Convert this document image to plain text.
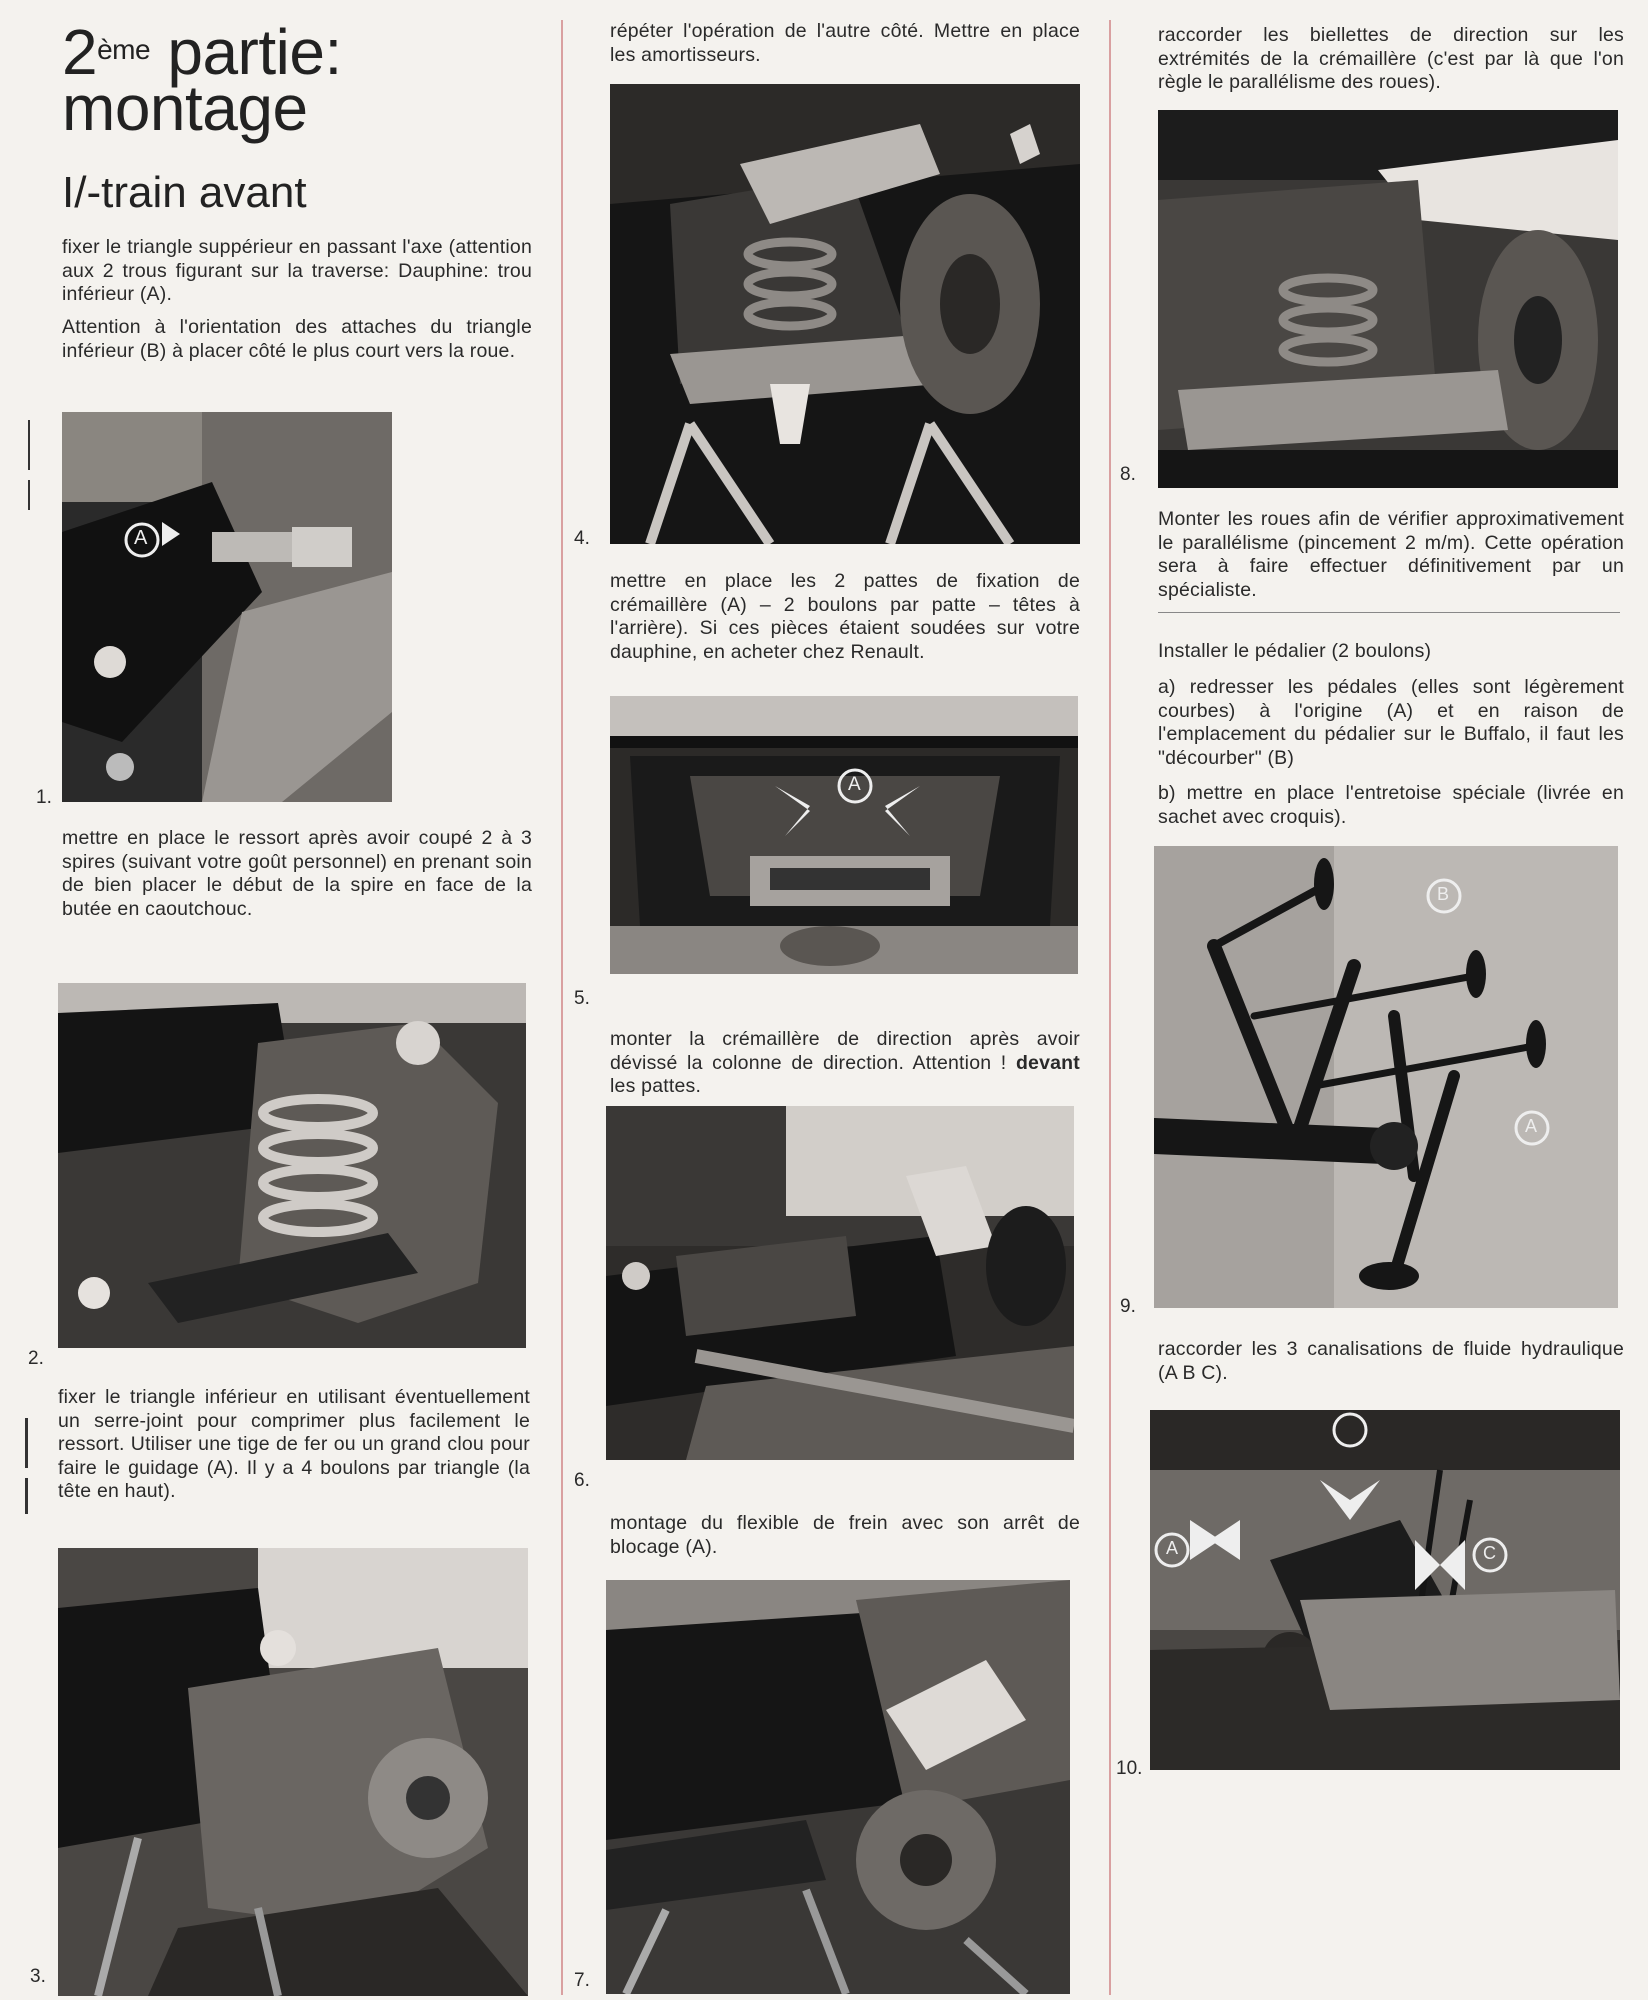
2ème partie:
montage
I/-train avant

fixer le triangle suppérieur en passant l'axe (attention aux 2 trous figurant sur la traverse: Dauphine: trou inférieur (A).

Attention à l'orientation des attaches du triangle inférieur (B) à placer côté le plus court vers la roue.

A
1.

mettre en place le ressort après avoir coupé 2 à 3 spires (suivant votre goût personnel) en prenant soin de bien placer le début de la spire en face de la butée en caoutchouc.

2.

fixer le triangle inférieur en utilisant éventuellement un serre-joint pour comprimer plus facilement le ressort. Utiliser une tige de fer ou un grand clou pour faire le guidage (A). Il y a 4 boulons par triangle (la tête en haut).

3.

répéter l'opération de l'autre côté. Mettre en place les amortisseurs.

4.

mettre en place les 2 pattes de fixation de crémaillère (A) – 2 boulons par patte – têtes à l'arrière). Si ces pièces étaient soudées sur votre dauphine, en acheter chez Renault.

A
5.

monter la crémaillère de direction après avoir dévissé la colonne de direction. Attention ! devant les pattes.

6.

montage du flexible de frein avec son arrêt de blocage (A).

7.

raccorder les biellettes de direction sur les extrémités de la crémaillère (c'est par là que l'on règle le parallélisme des roues).

8.

Monter les roues afin de vérifier approximativement le parallélisme (pincement 2 m/m). Cette opération sera à faire effectuer définitivement par un spécialiste.

Installer le pédalier (2 boulons)

a) redresser les pédales (elles sont légèrement courbes) à l'origine (A) et en raison de l'emplacement du pédalier sur le Buffalo, il faut les "décourber" (B)

b) mettre en place l'entretoise spéciale (livrée en sachet avec croquis).

B
A
9.

raccorder les 3 canalisations de fluide hydraulique (A B C).

A	C
10.
